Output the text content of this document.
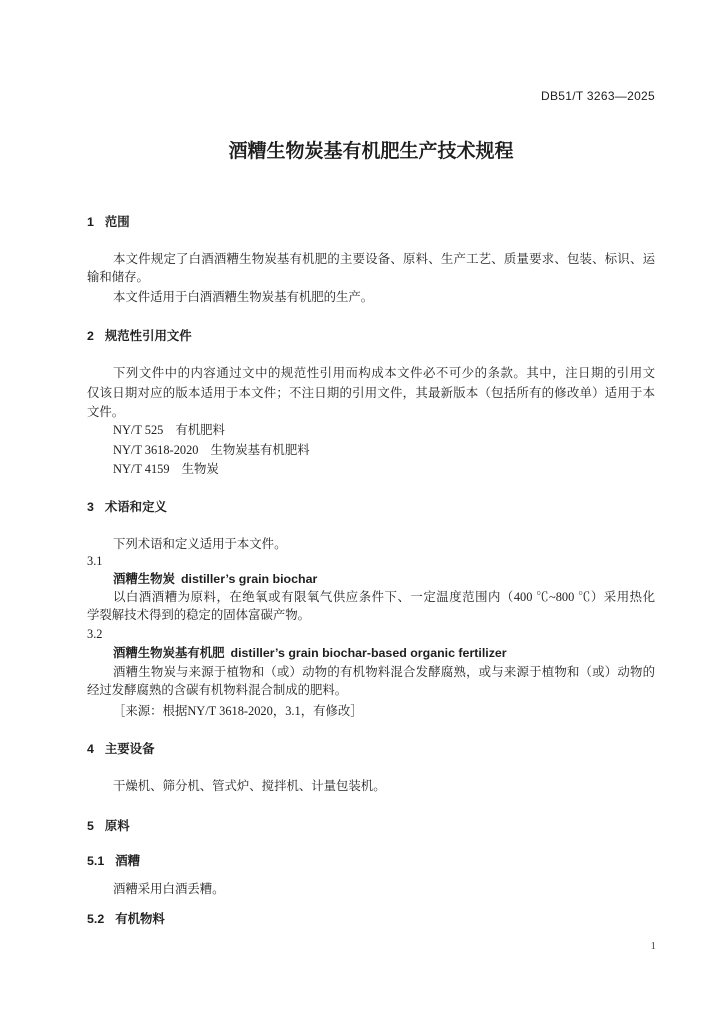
DB51/T 3263—2025
酒糟生物炭基有机肥生产技术规程
1 范围
本文件规定了白酒酒糟生物炭基有机肥的主要设备、原料、生产工艺、质量要求、包装、标识、运
输和储存。
本文件适用于白酒酒糟生物炭基有机肥的生产。
2 规范性引用文件
下列文件中的内容通过文中的规范性引用而构成本文件必不可少的条款。其中，注日期的引用文
仅该日期对应的版本适用于本文件；不注日期的引用文件，其最新版本（包括所有的修改单）适用于本
文件。
NY/T 525 有机肥料
NY/T 3618-2020 生物炭基有机肥料
NY/T 4159 生物炭
3 术语和定义
下列术语和定义适用于本文件。
3.1
酒糟生物炭 distiller’s grain biochar
以白酒酒糟为原料，在绝氧或有限氧气供应条件下、一定温度范围内（400 ℃~800 ℃）采用热化
学裂解技术得到的稳定的固体富碳产物。
3.2
酒糟生物炭基有机肥 distiller’s grain biochar-based organic fertilizer
酒糟生物炭与来源于植物和（或）动物的有机物料混合发酵腐熟，或与来源于植物和（或）动物的
经过发酵腐熟的含碳有机物料混合制成的肥料。
［来源：根据NY/T 3618-2020，3.1，有修改］
4 主要设备
干燥机、筛分机、管式炉、搅拌机、计量包装机。
5 原料
5.1 酒糟
酒糟采用白酒丢糟。
5.2 有机物料
1
